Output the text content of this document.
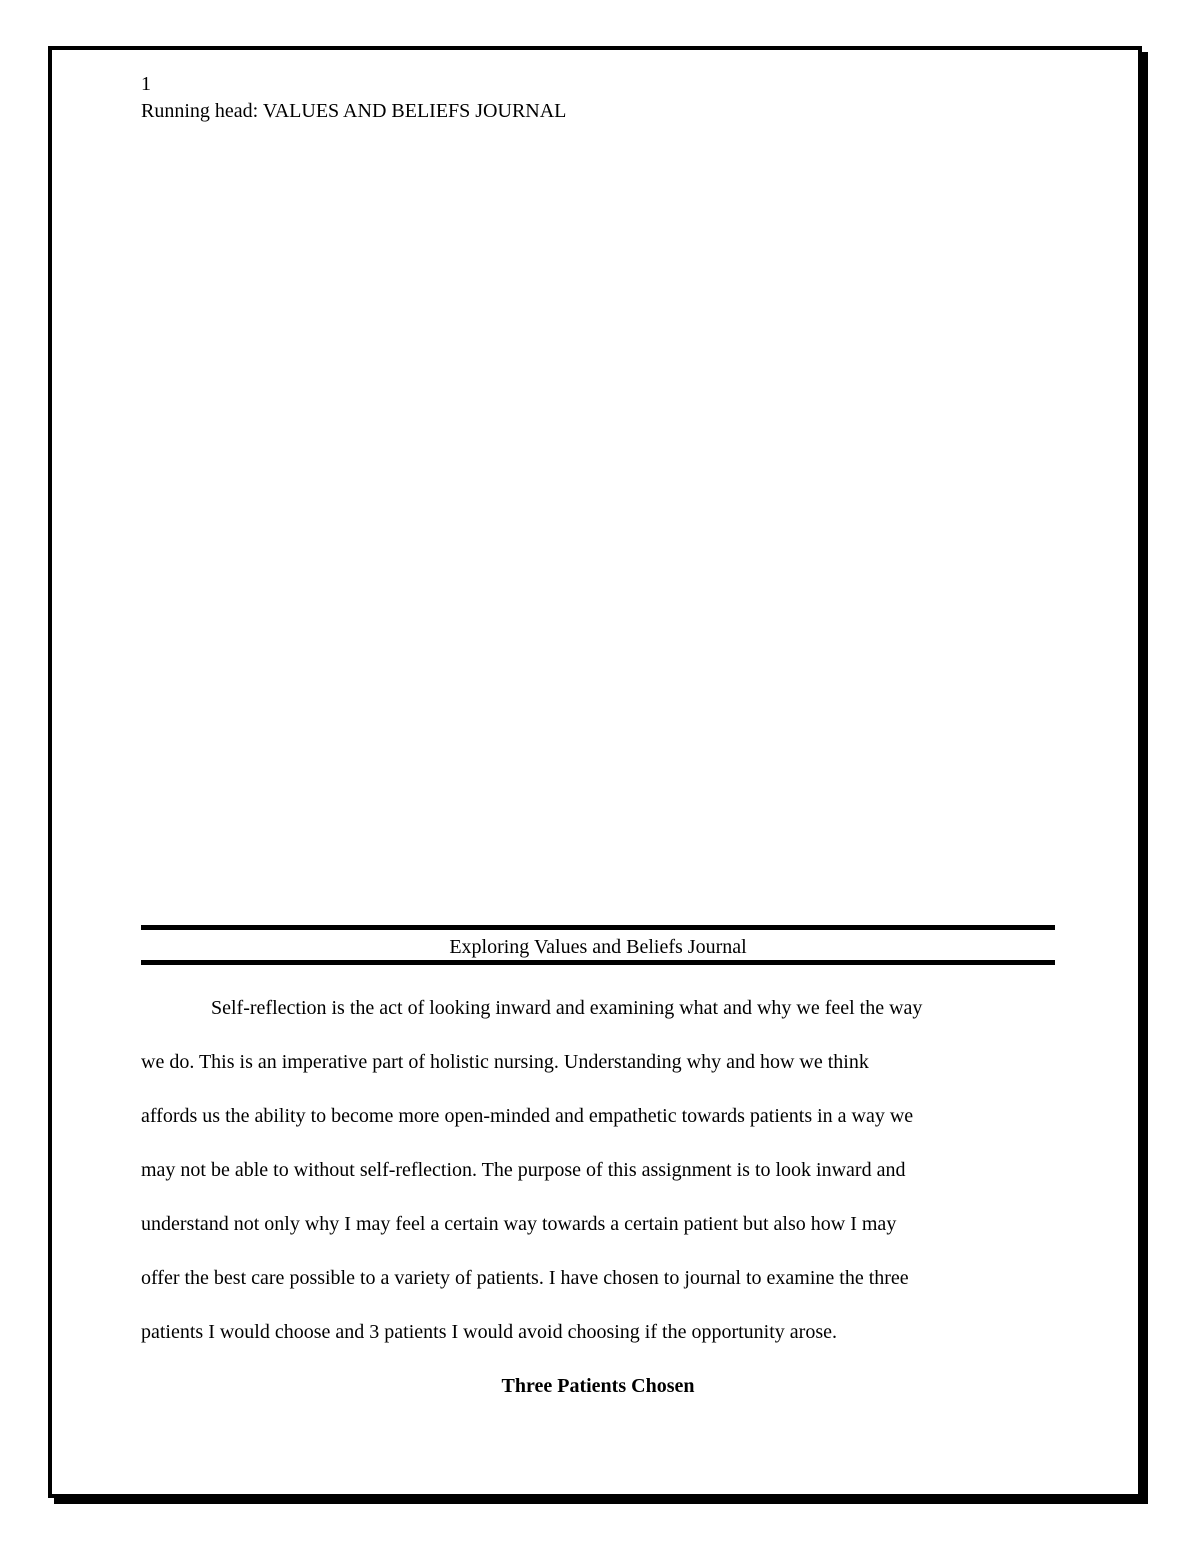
1
Running head: VALUES AND BELIEFS JOURNAL
Exploring Values and Beliefs Journal
Self-reflection is the act of looking inward and examining what and why we feel the way
we do. This is an imperative part of holistic nursing. Understanding why and how we think
affords us the ability to become more open-minded and empathetic towards patients in a way we
may not be able to without self-reflection. The purpose of this assignment is to look inward and
understand not only why I may feel a certain way towards a certain patient but also how I may
offer the best care possible to a variety of patients. I have chosen to journal to examine the three
patients I would choose and 3 patients I would avoid choosing if the opportunity arose.
Three Patients Chosen
